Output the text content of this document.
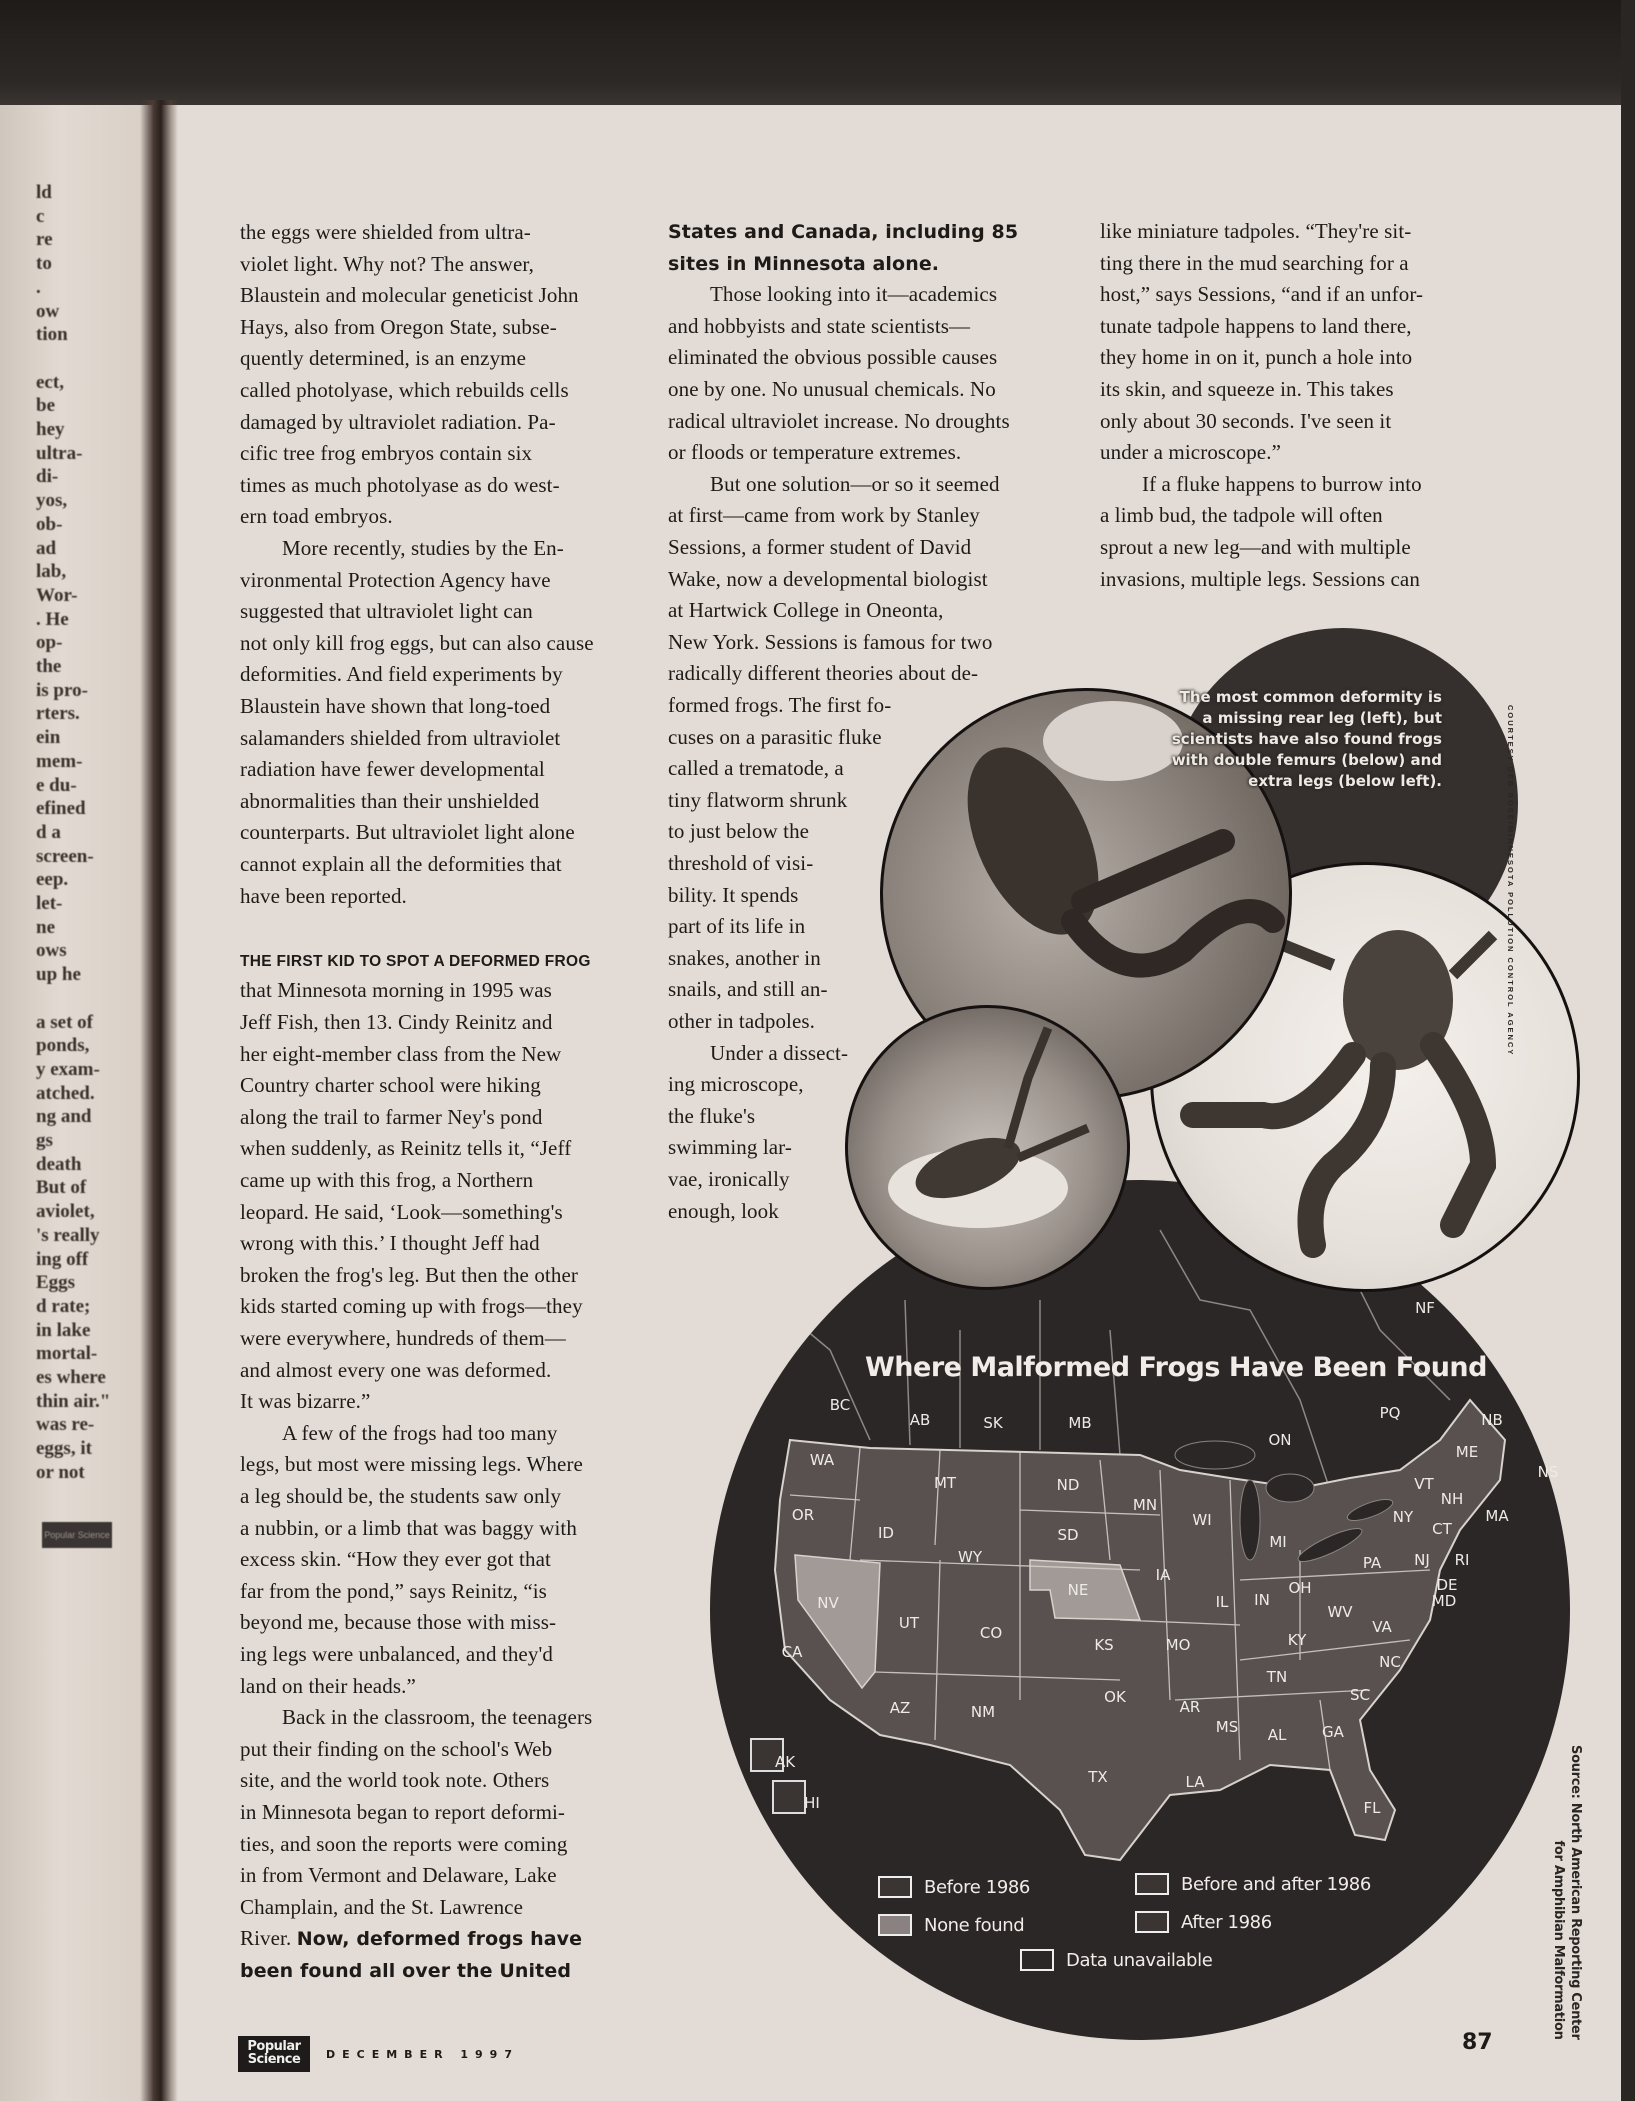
ld
c
re
to
.
ow
tion
ect,
be
hey
ultra-
di-
yos,
ob-
ad
lab,
Wor-
. He
op-
the
is pro-
rters.
ein
mem-
e du-
efined
d a
screen-
eep.
let-
ne
ows
up he
a set of
ponds,
y exam-
atched.
ng and
gs
death
But of
aviolet,
's really
ing off
Eggs
d rate;
in lake
mortal-
es where
thin air."
was re-
eggs, it
or not
Popular Science
the eggs were shielded from ultra-
violet light. Why not? The answer,
Blaustein and molecular geneticist John
Hays, also from Oregon State, subse-
quently determined, is an enzyme
called photolyase, which rebuilds cells
damaged by ultraviolet radiation. Pa-
cific tree frog embryos contain six
times as much photolyase as do west-
ern toad embryos.
More recently, studies by the En-
vironmental Protection Agency have
suggested that ultraviolet light can
not only kill frog eggs, but can also cause
deformities. And field experiments by
Blaustein have shown that long-toed
salamanders shielded from ultraviolet
radiation have fewer developmental
abnormalities than their unshielded
counterparts. But ultraviolet light alone
cannot explain all the deformities that
have been reported.
THE FIRST KID TO SPOT A DEFORMED FROG
that Minnesota morning in 1995 was
Jeff Fish, then 13. Cindy Reinitz and
her eight-member class from the New
Country charter school were hiking
along the trail to farmer Ney's pond
when suddenly, as Reinitz tells it, “Jeff
came up with this frog, a Northern
leopard. He said, ‘Look—something's
wrong with this.’ I thought Jeff had
broken the frog's leg. But then the other
kids started coming up with frogs—they
were everywhere, hundreds of them—
and almost every one was deformed.
It was bizarre.”
A few of the frogs had too many
legs, but most were missing legs. Where
a leg should be, the students saw only
a nubbin, or a limb that was baggy with
excess skin. “How they ever got that
far from the pond,” says Reinitz, “is
beyond me, because those with miss-
ing legs were unbalanced, and they'd
land on their heads.”
Back in the classroom, the teenagers
put their finding on the school's Web
site, and the world took note. Others
in Minnesota began to report deformi-
ties, and soon the reports were coming
in from Vermont and Delaware, Lake
Champlain, and the St. Lawrence
River. Now, deformed frogs have
been found all over the United
States and Canada, including 85
sites in Minnesota alone.
Those looking into it—academics
and hobbyists and state scientists—
eliminated the obvious possible causes
one by one. No unusual chemicals. No
radical ultraviolet increase. No droughts
or floods or temperature extremes.
But one solution—or so it seemed
at first—came from work by Stanley
Sessions, a former student of David
Wake, now a developmental biologist
at Hartwick College in Oneonta,
New York. Sessions is famous for two
radically different theories about de-
formed frogs. The first fo-
cuses on a parasitic fluke
called a trematode, a
tiny flatworm shrunk
to just below the
threshold of visi-
bility. It spends
part of its life in
snakes, another in
snails, and still an-
other in tadpoles.
Under a dissect-
ing microscope,
the fluke's
swimming lar-
vae, ironically
enough, look
like miniature tadpoles. “They're sit-
ting there in the mud searching for a
host,” says Sessions, “and if an unfor-
tunate tadpole happens to land there,
they home in on it, punch a hole into
its skin, and squeeze in. This takes
only about 30 seconds. I've seen it
under a microscope.”
If a fluke happens to burrow into
a limb bud, the tadpole will often
sprout a new leg—and with multiple
invasions, multiple legs. Sessions can
Where Malformed Frogs Have Been Found
BC
AB	SK	MB
ON
PQ	NB
ME
NS
NF
WA
MT	ND
MN
WI
MI
NY
VT
NH
MA
CT
RI
NJ
DE
MD
PA
OH
IN
IL
WV
VA
KY
NC
TN
SC
GA
AL
MS
LA
FL
TX
AR
OK
MO
KS
NE
IA
SD
WY
ID
OR
NV
UT
CO
CA
AZ	NM
AK
HI
Before 1986
None found
Before and after 1986
After 1986
Data unavailable
The most common deformity is a missing rear leg (left), but scientists have also found frogs with double femurs (below) and extra legs (below left).	COURTESY DEB ROSE/MINNESOTA POLLUTION CONTROL AGENCY
Source: North American Reporting Center
for Amphibian Malformation
Popular
Science	DECEMBER 1997	87
